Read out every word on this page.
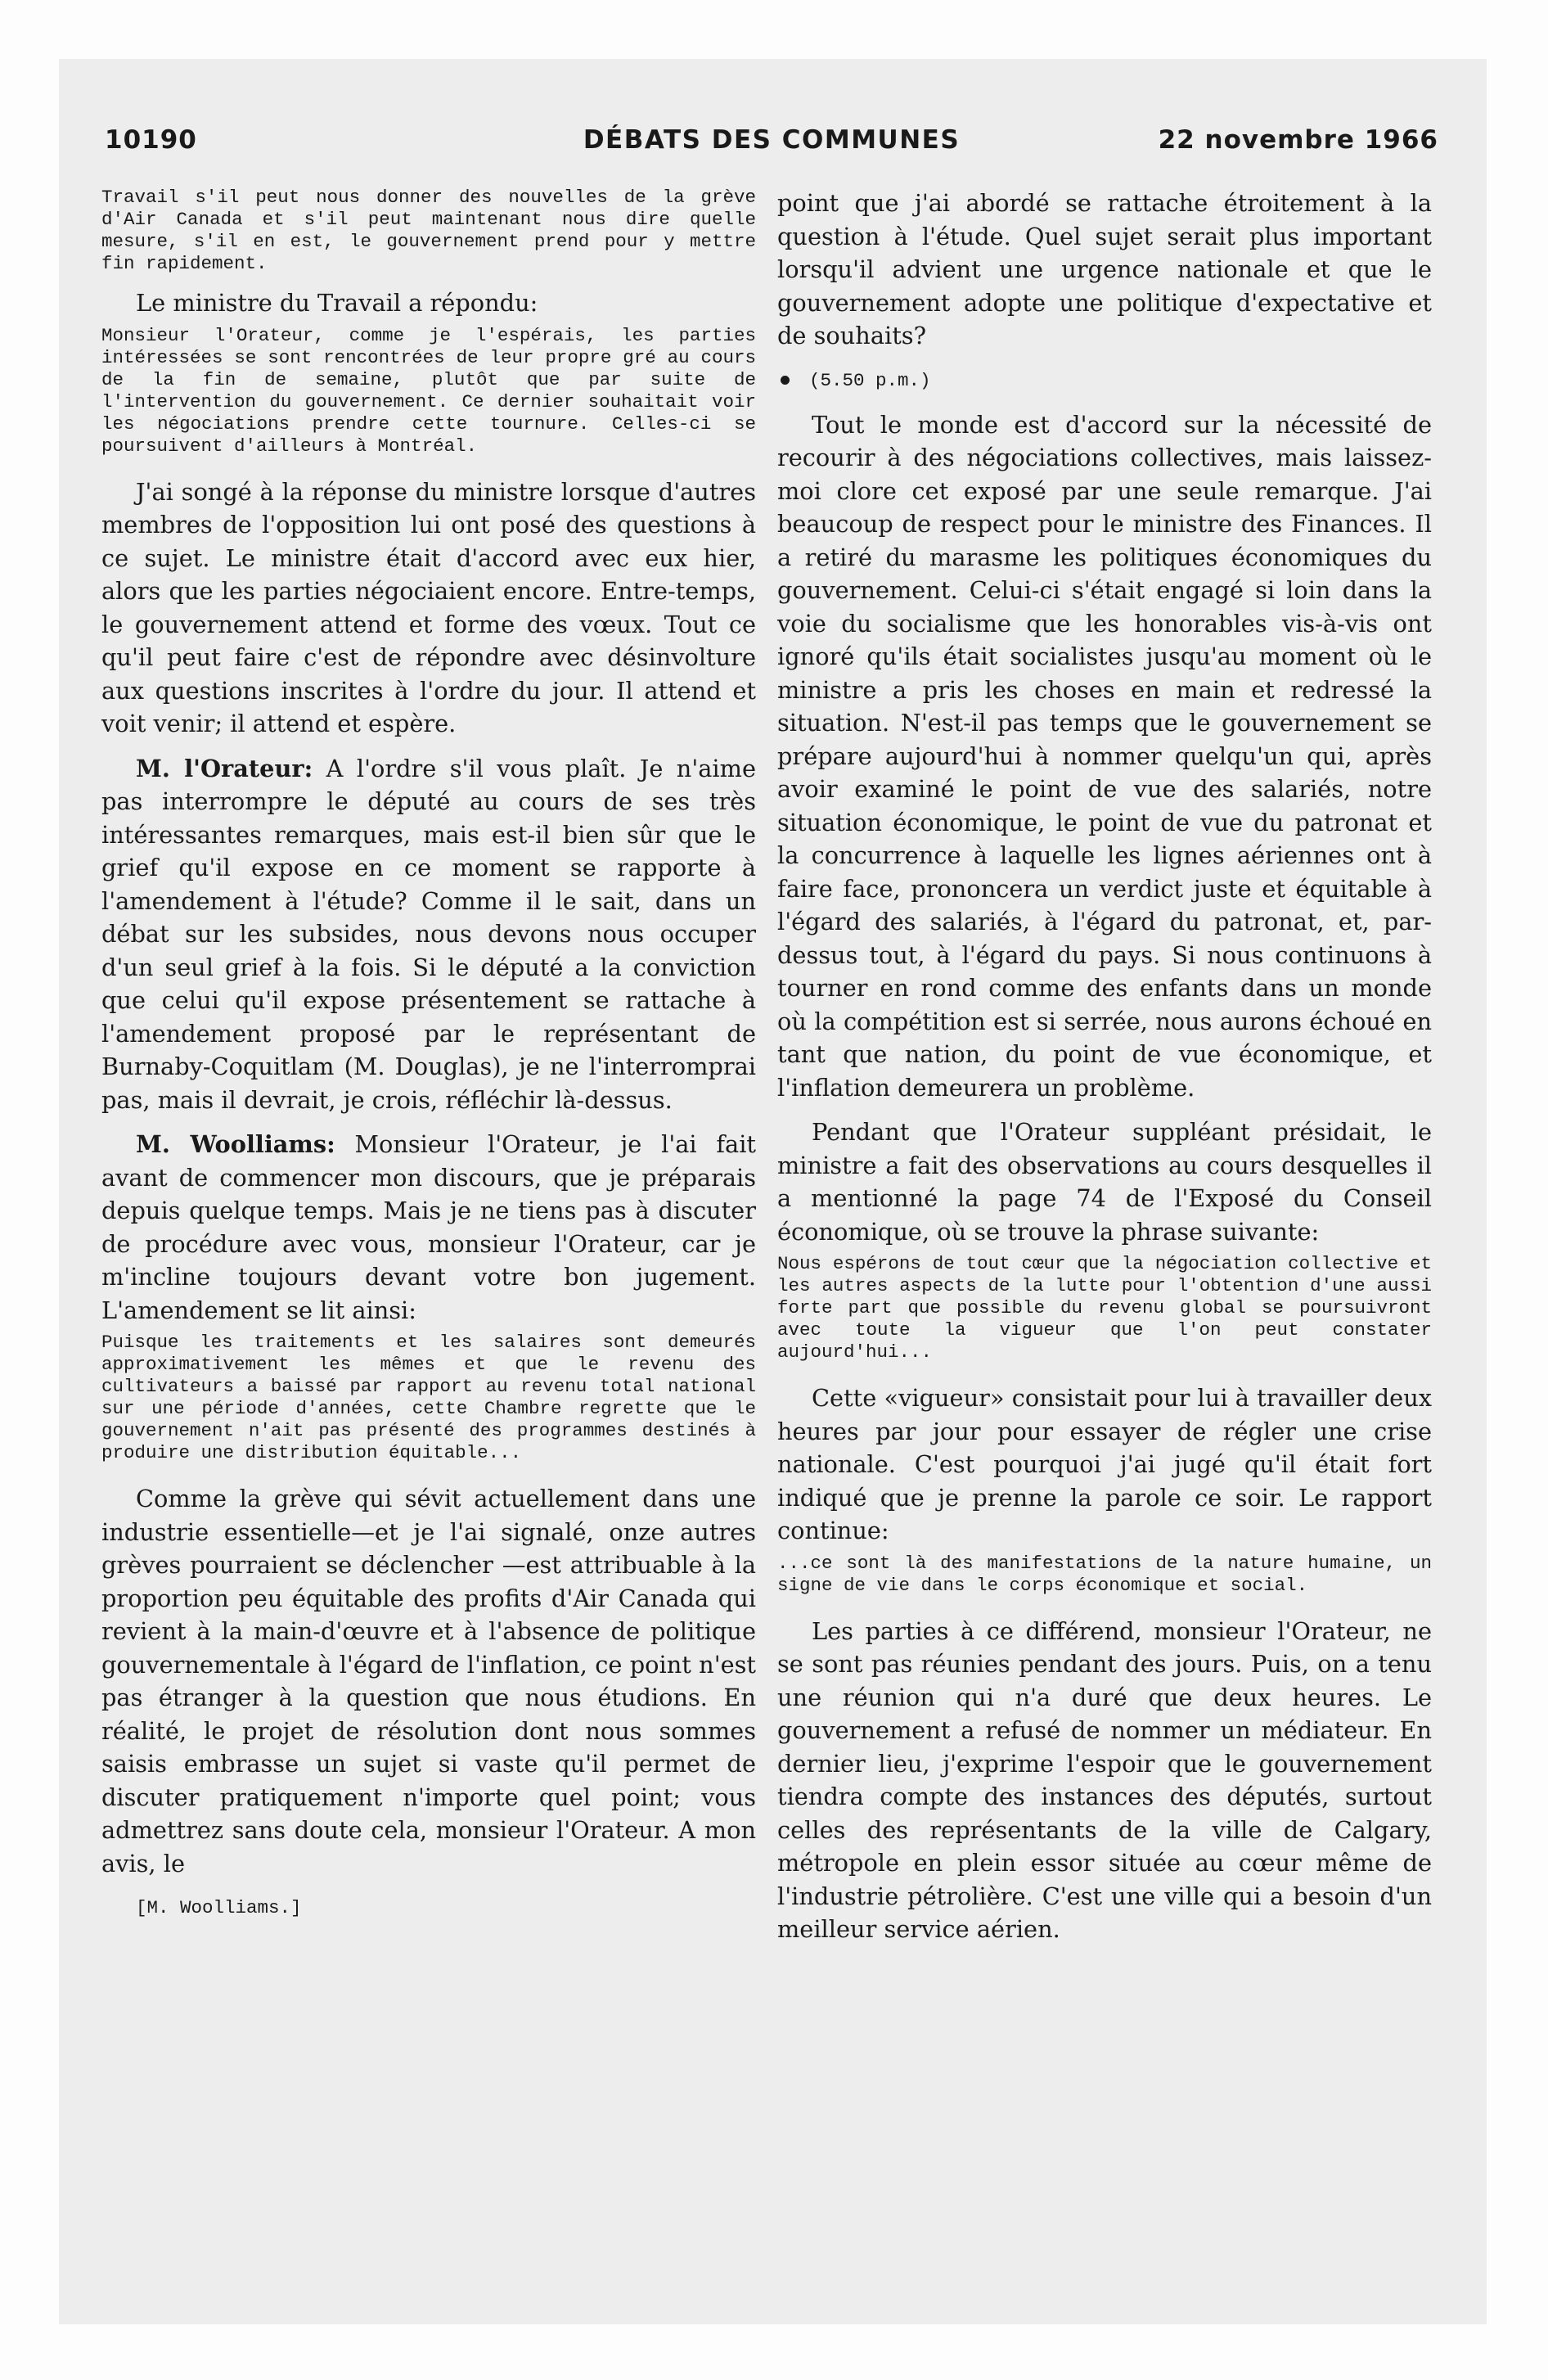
DÉBATS DES COMMUNES
10190	22 novembre 1966

Travail s'il peut nous donner des nouvelles de la grève d'Air Canada et s'il peut maintenant nous dire quelle mesure, s'il en est, le gouvernement prend pour y mettre fin rapidement.

Le ministre du Travail a répondu:

Monsieur l'Orateur, comme je l'espérais, les parties intéressées se sont rencontrées de leur propre gré au cours de la fin de semaine, plutôt que par suite de l'intervention du gouvernement. Ce dernier souhaitait voir les négociations prendre cette tournure. Celles-ci se poursuivent d'ailleurs à Montréal.

J'ai songé à la réponse du ministre lorsque d'autres membres de l'opposition lui ont posé des questions à ce sujet. Le ministre était d'accord avec eux hier, alors que les parties négociaient encore. Entre-temps, le gouvernement attend et forme des vœux. Tout ce qu'il peut faire c'est de répondre avec désinvolture aux questions inscrites à l'ordre du jour. Il attend et voit venir; il attend et espère.

M. l'Orateur: A l'ordre s'il vous plaît. Je n'aime pas interrompre le député au cours de ses très intéressantes remarques, mais est-il bien sûr que le grief qu'il expose en ce moment se rapporte à l'amendement à l'étude? Comme il le sait, dans un débat sur les subsides, nous devons nous occuper d'un seul grief à la fois. Si le député a la conviction que celui qu'il expose présentement se rattache à l'amendement proposé par le représentant de Burnaby-Coquitlam (M. Douglas), je ne l'interromprai pas, mais il devrait, je crois, réfléchir là-dessus.

M. Woolliams: Monsieur l'Orateur, je l'ai fait avant de commencer mon discours, que je préparais depuis quelque temps. Mais je ne tiens pas à discuter de procédure avec vous, monsieur l'Orateur, car je m'incline toujours devant votre bon jugement. L'amendement se lit ainsi:

Puisque les traitements et les salaires sont demeurés approximativement les mêmes et que le revenu des cultivateurs a baissé par rapport au revenu total national sur une période d'années, cette Chambre regrette que le gouvernement n'ait pas présenté des programmes destinés à produire une distribution équitable...

Comme la grève qui sévit actuellement dans une industrie essentielle—et je l'ai signalé, onze autres grèves pourraient se déclencher —est attribuable à la proportion peu équitable des profits d'Air Canada qui revient à la main-d'œuvre et à l'absence de politique gouvernementale à l'égard de l'inflation, ce point n'est pas étranger à la question que nous étudions. En réalité, le projet de résolution dont nous sommes saisis embrasse un sujet si vaste qu'il permet de discuter pratiquement n'importe quel point; vous admettrez sans doute cela, monsieur l'Orateur. A mon avis, le

[M. Woolliams.]

point que j'ai abordé se rattache étroitement à la question à l'étude. Quel sujet serait plus important lorsqu'il advient une urgence nationale et que le gouvernement adopte une politique d'expectative et de souhaits?

(5.50 p.m.)

Tout le monde est d'accord sur la nécessité de recourir à des négociations collectives, mais laissez-moi clore cet exposé par une seule remarque. J'ai beaucoup de respect pour le ministre des Finances. Il a retiré du marasme les politiques économiques du gouvernement. Celui-ci s'était engagé si loin dans la voie du socialisme que les honorables vis-à-vis ont ignoré qu'ils était socialistes jusqu'au moment où le ministre a pris les choses en main et redressé la situation. N'est-il pas temps que le gouvernement se prépare aujourd'hui à nommer quelqu'un qui, après avoir examiné le point de vue des salariés, notre situation économique, le point de vue du patronat et la concurrence à laquelle les lignes aériennes ont à faire face, prononcera un verdict juste et équitable à l'égard des salariés, à l'égard du patronat, et, par-dessus tout, à l'égard du pays. Si nous continuons à tourner en rond comme des enfants dans un monde où la compétition est si serrée, nous aurons échoué en tant que nation, du point de vue économique, et l'inflation demeurera un problème.

Pendant que l'Orateur suppléant présidait, le ministre a fait des observations au cours desquelles il a mentionné la page 74 de l'Exposé du Conseil économique, où se trouve la phrase suivante:

Nous espérons de tout cœur que la négociation collective et les autres aspects de la lutte pour l'obtention d'une aussi forte part que possible du revenu global se poursuivront avec toute la vigueur que l'on peut constater aujourd'hui...

Cette «vigueur» consistait pour lui à travailler deux heures par jour pour essayer de régler une crise nationale. C'est pourquoi j'ai jugé qu'il était fort indiqué que je prenne la parole ce soir. Le rapport continue:

...ce sont là des manifestations de la nature humaine, un signe de vie dans le corps économique et social.

Les parties à ce différend, monsieur l'Orateur, ne se sont pas réunies pendant des jours. Puis, on a tenu une réunion qui n'a duré que deux heures. Le gouvernement a refusé de nommer un médiateur. En dernier lieu, j'exprime l'espoir que le gouvernement tiendra compte des instances des députés, surtout celles des représentants de la ville de Calgary, métropole en plein essor située au cœur même de l'industrie pétrolière. C'est une ville qui a besoin d'un meilleur service aérien.
